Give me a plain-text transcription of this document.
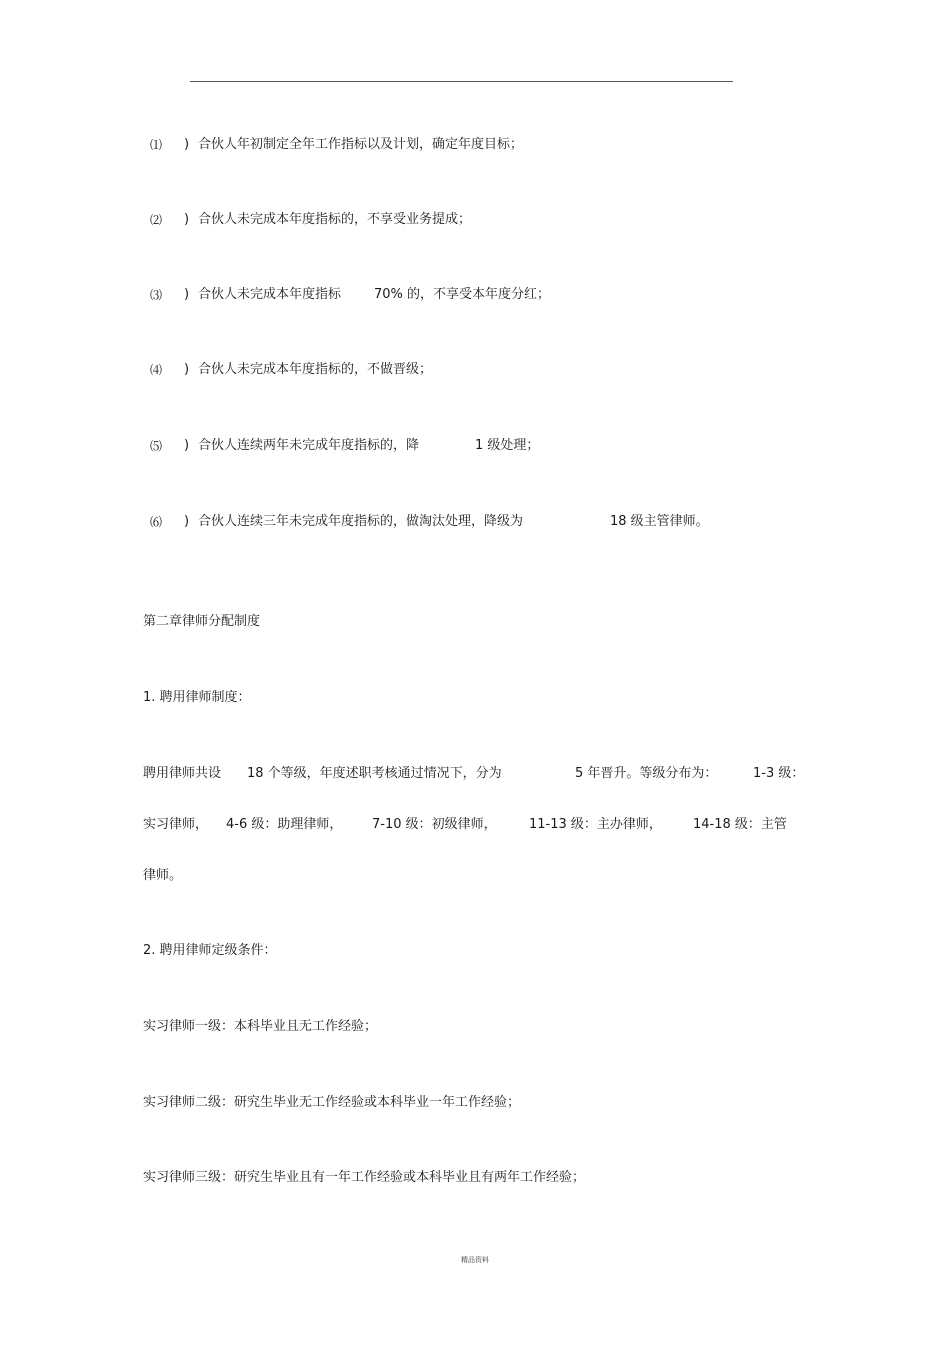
⑴ ) 合伙人年初制定全年工作指标以及计划，确定年度目标；
⑵ ) 合伙人未完成本年度指标的，不享受业务提成；
⑶ ) 合伙人未完成本年度指标	70% 的，不享受本年度分红；
⑷ ) 合伙人未完成本年度指标的，不做晋级；
⑸ ) 合伙人连续两年未完成年度指标的，降	1 级处理；
⑹ ) 合伙人连续三年未完成年度指标的，做淘汰处理，降级为	18 级主管律师。
第二章律师分配制度
1. 聘用律师制度：
聘用律师共设 18 个等级，年度述职考核通过情况下，分为	5 年晋升。等级分布为：	1-3 级：
实习律师， 4-6 级：助理律师， 7-10 级：初级律师， 11-13 级：主办律师， 14-18 级：主管
律师。
2. 聘用律师定级条件：
实习律师一级：本科毕业且无工作经验；
实习律师二级：研究生毕业无工作经验或本科毕业一年工作经验；
实习律师三级：研究生毕业且有一年工作经验或本科毕业且有两年工作经验；
精品资料
